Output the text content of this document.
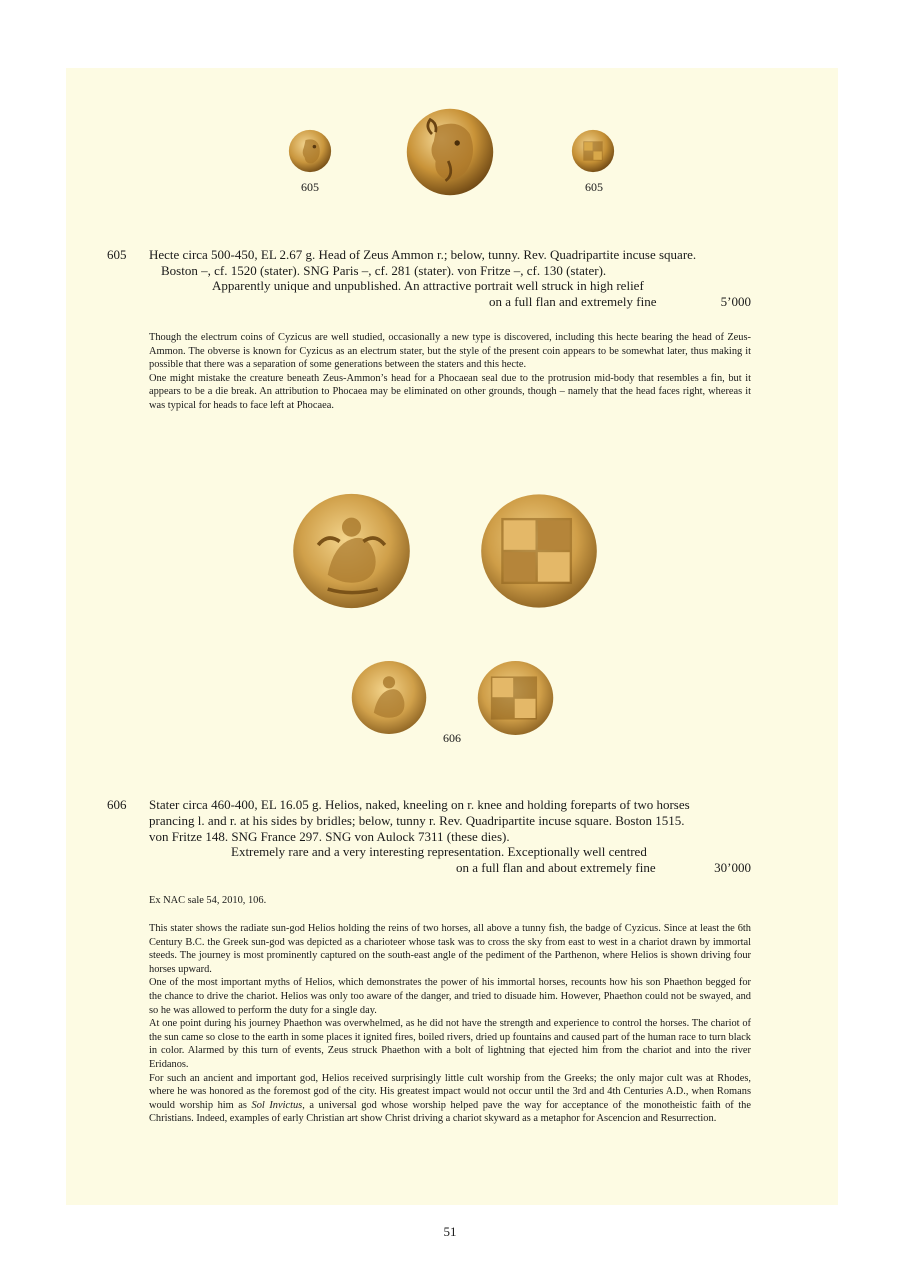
605	605
605 Hecte circa 500-450, EL 2.67 g. Head of Zeus Ammon r.; below, tunny. Rev. Quadripartite incuse square.
Boston –, cf. 1520 (stater). SNG Paris –, cf. 281 (stater). von Fritze –, cf. 130 (stater).
Apparently unique and unpublished. An attractive portrait well struck in high relief
on a full flan and extremely fine	5’000

Though the electrum coins of Cyzicus are well studied, occasionally a new type is discovered, including this hecte bearing the head of Zeus-Ammon. The obverse is known for Cyzicus as an electrum stater, but the style of the present coin appears to be somewhat later, thus making it possible that there was a separation of some generations between the staters and this hecte.

One might mistake the creature beneath Zeus-Ammon’s head for a Phocaean seal due to the protrusion mid-body that resembles a fin, but it appears to be a die break. An attribution to Phocaea may be eliminated on other grounds, though – namely that the head faces right, whereas it was typical for heads to face left at Phocaea.

606
606 Stater circa 460-400, EL 16.05 g. Helios, naked, kneeling on r. knee and holding foreparts of two horses
prancing l. and r. at his sides by bridles; below, tunny r. Rev. Quadripartite incuse square. Boston 1515.
von Fritze 148. SNG France 297. SNG von Aulock 7311 (these dies).
Extremely rare and a very interesting representation. Exceptionally well centred
on a full flan and about extremely fine	30’000
Ex NAC sale 54, 2010, 106.

This stater shows the radiate sun-god Helios holding the reins of two horses, all above a tunny fish, the badge of Cyzicus. Since at least the 6th Century B.C. the Greek sun-god was depicted as a charioteer whose task was to cross the sky from east to west in a chariot drawn by immortal steeds. The journey is most prominently captured on the south-east angle of the pediment of the Parthenon, where Helios is shown driving four horses upward.

One of the most important myths of Helios, which demonstrates the power of his immortal horses, recounts how his son Phaethon begged for the chance to drive the chariot. Helios was only too aware of the danger, and tried to disuade him. However, Phaethon could not be swayed, and so he was allowed to perform the duty for a single day.

At one point during his journey Phaethon was overwhelmed, as he did not have the strength and experience to control the horses. The chariot of the sun came so close to the earth in some places it ignited fires, boiled rivers, dried up fountains and caused part of the human race to turn black in color. Alarmed by this turn of events, Zeus struck Phaethon with a bolt of lightning that ejected him from the chariot and into the river Eridanos.

For such an ancient and important god, Helios received surprisingly little cult worship from the Greeks; the only major cult was at Rhodes, where he was honored as the foremost god of the city. His greatest impact would not occur until the 3rd and 4th Centuries A.D., when Romans would worship him as Sol Invictus, a universal god whose worship helped pave the way for acceptance of the monotheistic faith of the Christians. Indeed, examples of early Christian art show Christ driving a chariot skyward as a metaphor for Ascencion and Resurrection.

51
